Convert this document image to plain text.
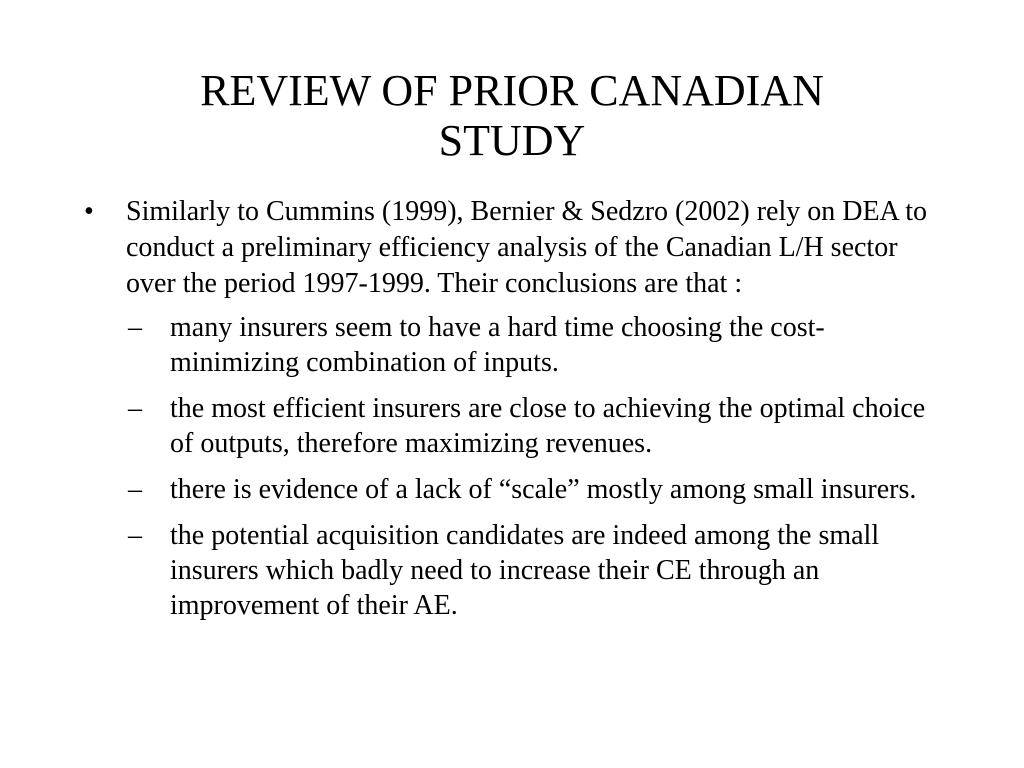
REVIEW OF PRIOR CANADIAN
STUDY
•	Similarly to Cummins (1999), Bernier & Sedzro (2002) rely on DEA to conduct a preliminary efficiency analysis of the Canadian L/H sector over the period 1997-1999. Their conclusions are that :
–	many insurers seem to have a hard time choosing the cost-minimizing combination of inputs.
–	the most efficient insurers are close to achieving the optimal choice of outputs, therefore maximizing revenues.
–	there is evidence of a lack of “scale” mostly among small insurers.
–	the potential acquisition candidates are indeed among the small insurers which badly need to increase their CE through an improvement of their AE.
